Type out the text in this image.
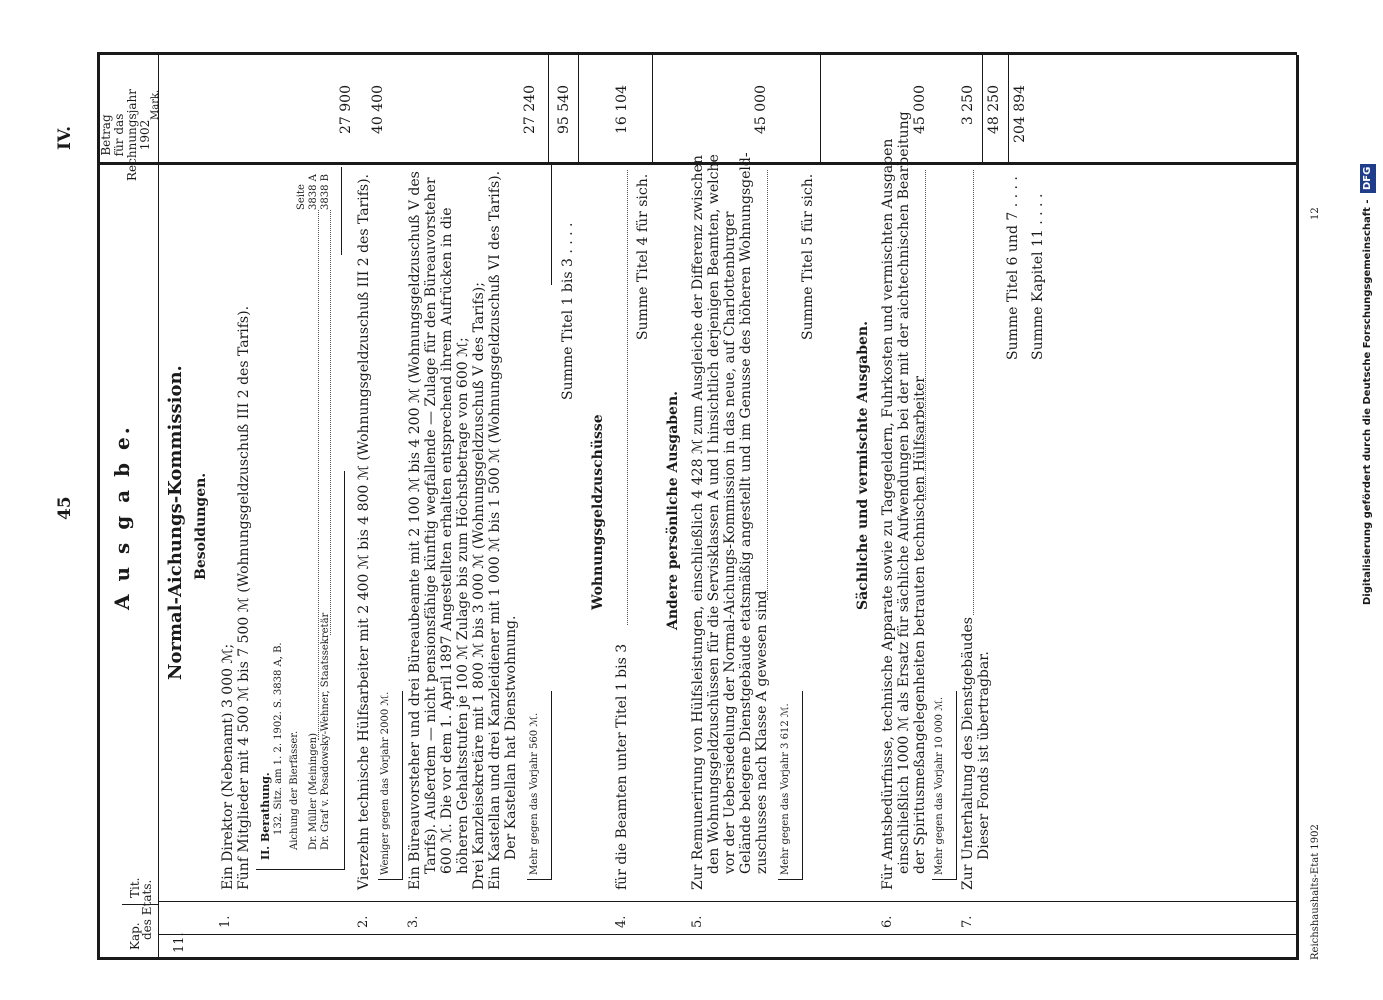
45
IV.
Kap.
Tit.
des Etats.
A u s g a b e.
Betrag für das Rechnungsjahr 1902
Mark.
11.
Normal-Aichungs-Kommission. Besoldungen.
1.
Ein Direktor (Nebenamt) 3 000 ℳ; Fünf Mitglieder mit 4 500 ℳ bis 7 500 ℳ (Wohnungsgeldzuschuß III 2 des Tarifs). II. Berathung. 132. Sitz. am 1. 2. 1902. S. 3838 A, B. Aichung der Bierfässer. Dr. Müller (Meiningen) Dr. Graf v. Posadowsky-Wehner, Staatssekretär
Seite 3838 A 3838 B
27 900
2.
Vierzehn technische Hülfsarbeiter mit 2 400 ℳ bis 4 800 ℳ (Wohnungsgeldzuschuß III 2 des Tarifs). Weniger gegen das Vorjahr 2000 ℳ.
40 400
3.
Ein Büreauvorsteher und drei Büreaubeamte mit 2 100 ℳ bis 4 200 ℳ (Wohnungsgeldzuschuß V des Tarifs). Außerdem — nicht pensionsfähige künftig wegfallende — Zulage für den Büreauvorsteher 600 ℳ. Die vor dem 1. April 1897 Angestellten erhalten entsprechend ihrem Aufrücken in die höheren Gehaltsstufen je 100 ℳ Zulage bis zum Höchstbetrage von 600 ℳ; Drei Kanzleisekretäre mit 1 800 ℳ bis 3 000 ℳ (Wohnungsgeldzuschuß V des Tarifs); Ein Kastellan und drei Kanzleidiener mit 1 000 ℳ bis 1 500 ℳ (Wohnungsgeldzuschuß VI des Tarifs). Der Kastellan hat Dienstwohnung. Mehr gegen das Vorjahr 560 ℳ.
27 240
Summe Titel 1 bis 3 . . . .
95 540
Wohnungsgeldzuschüsse
4.
für die Beamten unter Titel 1 bis 3
Summe Titel 4 für sich.
16 104
Andere persönliche Ausgaben.
5.
Zur Remunerirung von Hülfsleistungen, einschließlich 4 428 ℳ zum Ausgleiche der Differenz zwischen den Wohnungsgeldzuschüssen für die Servisklassen A und I hinsichtlich derjenigen Beamten, welche vor der Uebersiedelung der Normal-Aichungs-Kommission in das neue, auf Charlottenburger Gelände belegene Dienstgebäude etatsmäßig angestellt und im Genusse des höheren Wohnungsgeld- zuschusses nach Klasse A gewesen sind Mehr gegen das Vorjahr 3 612 ℳ.
45 000
Summe Titel 5 für sich.
Sächliche und vermischte Ausgaben.
6.
Für Amtsbedürfnisse, technische Apparate sowie zu Tagegeldern, Fuhrkosten und vermischten Ausgaben einschließlich 1000 ℳ als Ersatz für sächliche Aufwendungen bei der mit der aichtechnischen Bearbeitung der Spiritusmeßangelegenheiten betrauten technischen Hülfsarbeiter Mehr gegen das Vorjahr 10 000 ℳ.
45 000
7.
Zur Unterhaltung des Dienstgebäudes Dieser Fonds ist übertragbar.
3 250
Summe Titel 6 und 7 . . . .
48 250
Summe Kapitel 11 . . . .
204 894
Reichshaushalts-Etat 1902
12	Digitalisierung gefördert durch die Deutsche Forschungsgemeinschaft - DFG
